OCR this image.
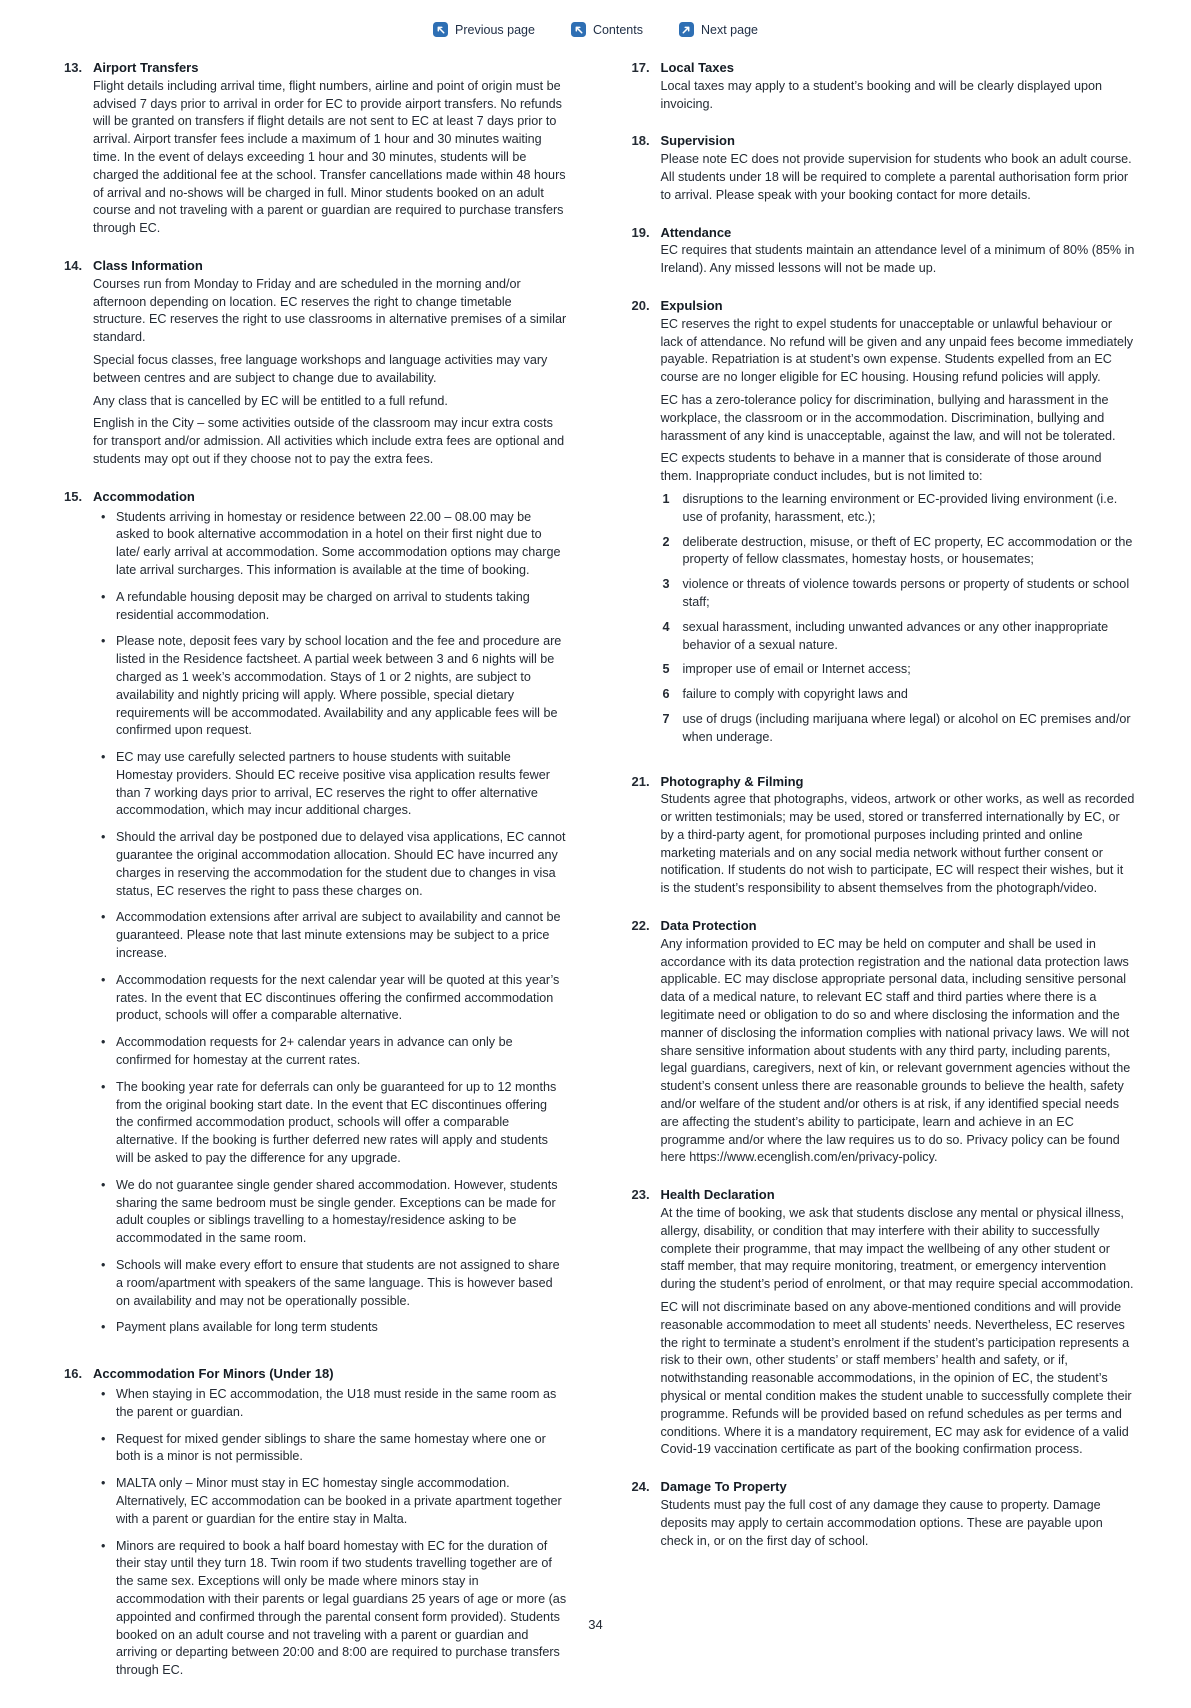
Previous page	Contents	Next page
13. Airport Transfers

Flight details including arrival time, flight numbers, airline and point of origin must be advised 7 days prior to arrival in order for EC to provide airport transfers. No refunds will be granted on transfers if flight details are not sent to EC at least 7 days prior to arrival. Airport transfer fees include a maximum of 1 hour and 30 minutes waiting time. In the event of delays exceeding 1 hour and 30 minutes, students will be charged the additional fee at the school. Transfer cancellations made within 48 hours of arrival and no-shows will be charged in full. Minor students booked on an adult course and not traveling with a parent or guardian are required to purchase transfers through EC.

14. Class Information

Courses run from Monday to Friday and are scheduled in the morning and/or afternoon depending on location. EC reserves the right to change timetable structure. EC reserves the right to use classrooms in alternative premises of a similar standard.

Special focus classes, free language workshops and language activities may vary between centres and are subject to change due to availability.

Any class that is cancelled by EC will be entitled to a full refund.

English in the City – some activities outside of the classroom may incur extra costs for transport and/or admission. All activities which include extra fees are optional and students may opt out if they choose not to pay the extra fees.

15. Accommodation
• Students arriving in homestay or residence between 22.00 – 08.00 may be asked to book alternative accommodation in a hotel on their first night due to late/ early arrival at accommodation. Some accommodation options may charge late arrival surcharges. This information is available at the time of booking.
• A refundable housing deposit may be charged on arrival to students taking residential accommodation.
• Please note, deposit fees vary by school location and the fee and procedure are listed in the Residence factsheet. A partial week between 3 and 6 nights will be charged as 1 week’s accommodation. Stays of 1 or 2 nights, are subject to availability and nightly pricing will apply. Where possible, special dietary requirements will be accommodated. Availability and any applicable fees will be confirmed upon request.
• EC may use carefully selected partners to house students with suitable Homestay providers. Should EC receive positive visa application results fewer than 7 working days prior to arrival, EC reserves the right to offer alternative accommodation, which may incur additional charges.
• Should the arrival day be postponed due to delayed visa applications, EC cannot guarantee the original accommodation allocation. Should EC have incurred any charges in reserving the accommodation for the student due to changes in visa status, EC reserves the right to pass these charges on.
• Accommodation extensions after arrival are subject to availability and cannot be guaranteed. Please note that last minute extensions may be subject to a price increase.
• Accommodation requests for the next calendar year will be quoted at this year’s rates. In the event that EC discontinues offering the confirmed accommodation product, schools will offer a comparable alternative.
• Accommodation requests for 2+ calendar years in advance can only be confirmed for homestay at the current rates.
• The booking year rate for deferrals can only be guaranteed for up to 12 months from the original booking start date. In the event that EC discontinues offering the confirmed accommodation product, schools will offer a comparable alternative. If the booking is further deferred new rates will apply and students will be asked to pay the difference for any upgrade.
• We do not guarantee single gender shared accommodation. However, students sharing the same bedroom must be single gender. Exceptions can be made for adult couples or siblings travelling to a homestay/residence asking to be accommodated in the same room.
• Schools will make every effort to ensure that students are not assigned to share a room/apartment with speakers of the same language. This is however based on availability and may not be operationally possible.
• Payment plans available for long term students
16. Accommodation For Minors (Under 18)
• When staying in EC accommodation, the U18 must reside in the same room as the parent or guardian.
• Request for mixed gender siblings to share the same homestay where one or both is a minor is not permissible.
• MALTA only – Minor must stay in EC homestay single accommodation. Alternatively, EC accommodation can be booked in a private apartment together with a parent or guardian for the entire stay in Malta.
• Minors are required to book a half board homestay with EC for the duration of their stay until they turn 18. Twin room if two students travelling together are of the same sex. Exceptions will only be made where minors stay in accommodation with their parents or legal guardians 25 years of age or more (as appointed and confirmed through the parental consent form provided). Students booked on an adult course and not traveling with a parent or guardian and arriving or departing between 20:00 and 8:00 are required to purchase transfers through EC.
17. Local Taxes

Local taxes may apply to a student’s booking and will be clearly displayed upon invoicing.

18. Supervision

Please note EC does not provide supervision for students who book an adult course. All students under 18 will be required to complete a parental authorisation form prior to arrival. Please speak with your booking contact for more details.

19. Attendance

EC requires that students maintain an attendance level of a minimum of 80% (85% in Ireland). Any missed lessons will not be made up.

20. Expulsion

EC reserves the right to expel students for unacceptable or unlawful behaviour or lack of attendance. No refund will be given and any unpaid fees become immediately payable. Repatriation is at student’s own expense. Students expelled from an EC course are no longer eligible for EC housing. Housing refund policies will apply.

EC has a zero-tolerance policy for discrimination, bullying and harassment in the workplace, the classroom or in the accommodation. Discrimination, bullying and harassment of any kind is unacceptable, against the law, and will not be tolerated.

EC expects students to behave in a manner that is considerate of those around them. Inappropriate conduct includes, but is not limited to:

1	disruptions to the learning environment or EC-provided living environment (i.e. use of profanity, harassment, etc.);
2	deliberate destruction, misuse, or theft of EC property, EC accommodation or the property of fellow classmates, homestay hosts, or housemates;
3	violence or threats of violence towards persons or property of students or school staff;
4	sexual harassment, including unwanted advances or any other inappropriate behavior of a sexual nature.
5	improper use of email or Internet access;
6	failure to comply with copyright laws and
7	use of drugs (including marijuana where legal) or alcohol on EC premises and/or when underage.
21. Photography & Filming

Students agree that photographs, videos, artwork or other works, as well as recorded or written testimonials; may be used, stored or transferred internationally by EC, or by a third-party agent, for promotional purposes including printed and online marketing materials and on any social media network without further consent or notification. If students do not wish to participate, EC will respect their wishes, but it is the student’s responsibility to absent themselves from the photograph/video.

22. Data Protection

Any information provided to EC may be held on computer and shall be used in accordance with its data protection registration and the national data protection laws applicable. EC may disclose appropriate personal data, including sensitive personal data of a medical nature, to relevant EC staff and third parties where there is a legitimate need or obligation to do so and where disclosing the information and the manner of disclosing the information complies with national privacy laws. We will not share sensitive information about students with any third party, including parents, legal guardians, caregivers, next of kin, or relevant government agencies without the student’s consent unless there are reasonable grounds to believe the health, safety and/or welfare of the student and/or others is at risk, if any identified special needs are affecting the student’s ability to participate, learn and achieve in an EC programme and/or where the law requires us to do so. Privacy policy can be found here https://www.ecenglish.com/en/privacy-policy.

23. Health Declaration

At the time of booking, we ask that students disclose any mental or physical illness, allergy, disability, or condition that may interfere with their ability to successfully complete their programme, that may impact the wellbeing of any other student or staff member, that may require monitoring, treatment, or emergency intervention during the student’s period of enrolment, or that may require special accommodation.

EC will not discriminate based on any above-mentioned conditions and will provide reasonable accommodation to meet all students’ needs. Nevertheless, EC reserves the right to terminate a student’s enrolment if the student’s participation represents a risk to their own, other students’ or staff members’ health and safety, or if, notwithstanding reasonable accommodations, in the opinion of EC, the student’s physical or mental condition makes the student unable to successfully complete their programme. Refunds will be provided based on refund schedules as per terms and conditions. Where it is a mandatory requirement, EC may ask for evidence of a valid Covid-19 vaccination certificate as part of the booking confirmation process.

24. Damage To Property

Students must pay the full cost of any damage they cause to property. Damage deposits may apply to certain accommodation options. These are payable upon check in, or on the first day of school.

34
